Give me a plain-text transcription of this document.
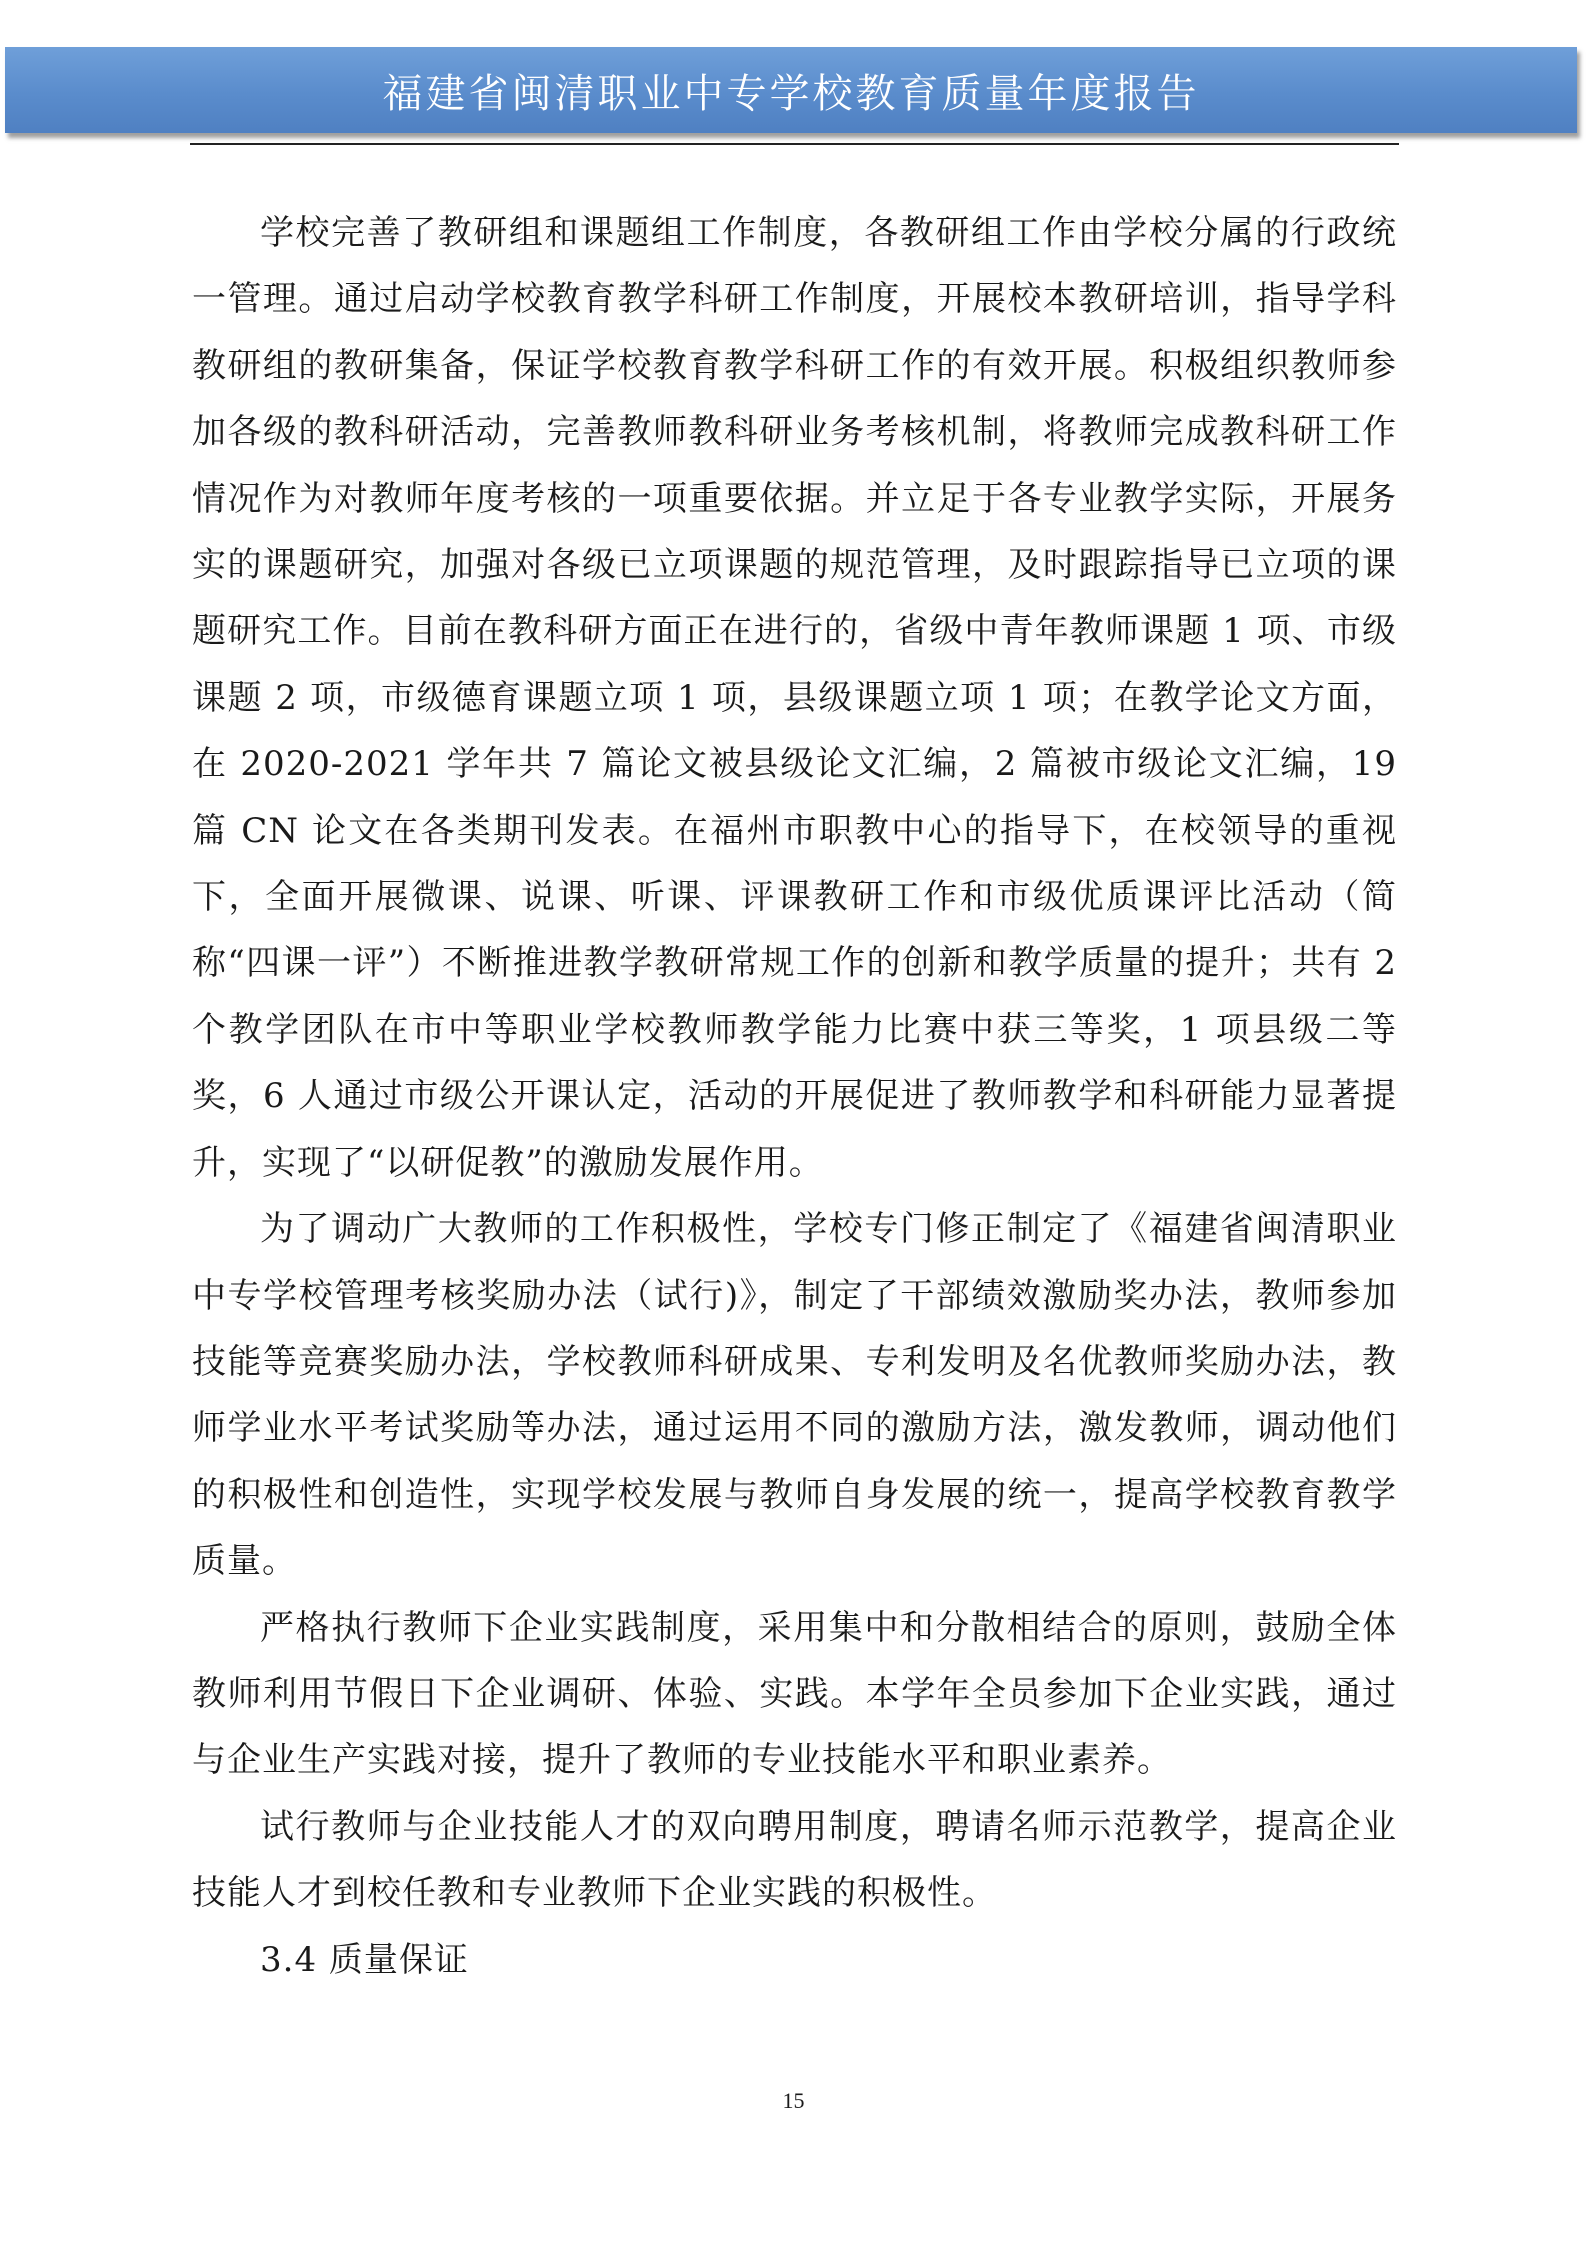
福建省闽清职业中专学校教育质量年度报告

学校完善了教研组和课题组工作制度，各教研组工作由学校分属的行政统一管理。通过启动学校教育教学科研工作制度，开展校本教研培训，指导学科教研组的教研集备，保证学校教育教学科研工作的有效开展。积极组织教师参加各级的教科研活动，完善教师教科研业务考核机制，将教师完成教科研工作情况作为对教师年度考核的一项重要依据。并立足于各专业教学实际，开展务实的课题研究，加强对各级已立项课题的规范管理，及时跟踪指导已立项的课题研究工作。目前在教科研方面正在进行的，省级中青年教师课题 1 项、市级课题 2 项，市级德育课题立项 1 项，县级课题立项 1 项；在教学论文方面，在 2020-2021 学年共 7 篇论文被县级论文汇编，2 篇被市级论文汇编，19 篇 CN 论文在各类期刊发表。在福州市职教中心的指导下，在校领导的重视下，全面开展微课、说课、听课、评课教研工作和市级优质课评比活动（简称“四课一评”）不断推进教学教研常规工作的创新和教学质量的提升；共有 2 个教学团队在市中等职业学校教师教学能力比赛中获三等奖，1 项县级二等奖，6 人通过市级公开课认定，活动的开展促进了教师教学和科研能力显著提升，实现了“以研促教”的激励发展作用。

为了调动广大教师的工作积极性，学校专门修正制定了《福建省闽清职业中专学校管理考核奖励办法（试行)》，制定了干部绩效激励奖办法，教师参加技能等竞赛奖励办法，学校教师科研成果、专利发明及名优教师奖励办法，教师学业水平考试奖励等办法，通过运用不同的激励方法，激发教师，调动他们的积极性和创造性，实现学校发展与教师自身发展的统一，提高学校教育教学质量。

严格执行教师下企业实践制度，采用集中和分散相结合的原则，鼓励全体教师利用节假日下企业调研、体验、实践。本学年全员参加下企业实践，通过与企业生产实践对接，提升了教师的专业技能水平和职业素养。

试行教师与企业技能人才的双向聘用制度，聘请名师示范教学，提高企业技能人才到校任教和专业教师下企业实践的积极性。

3.4 质量保证
15
